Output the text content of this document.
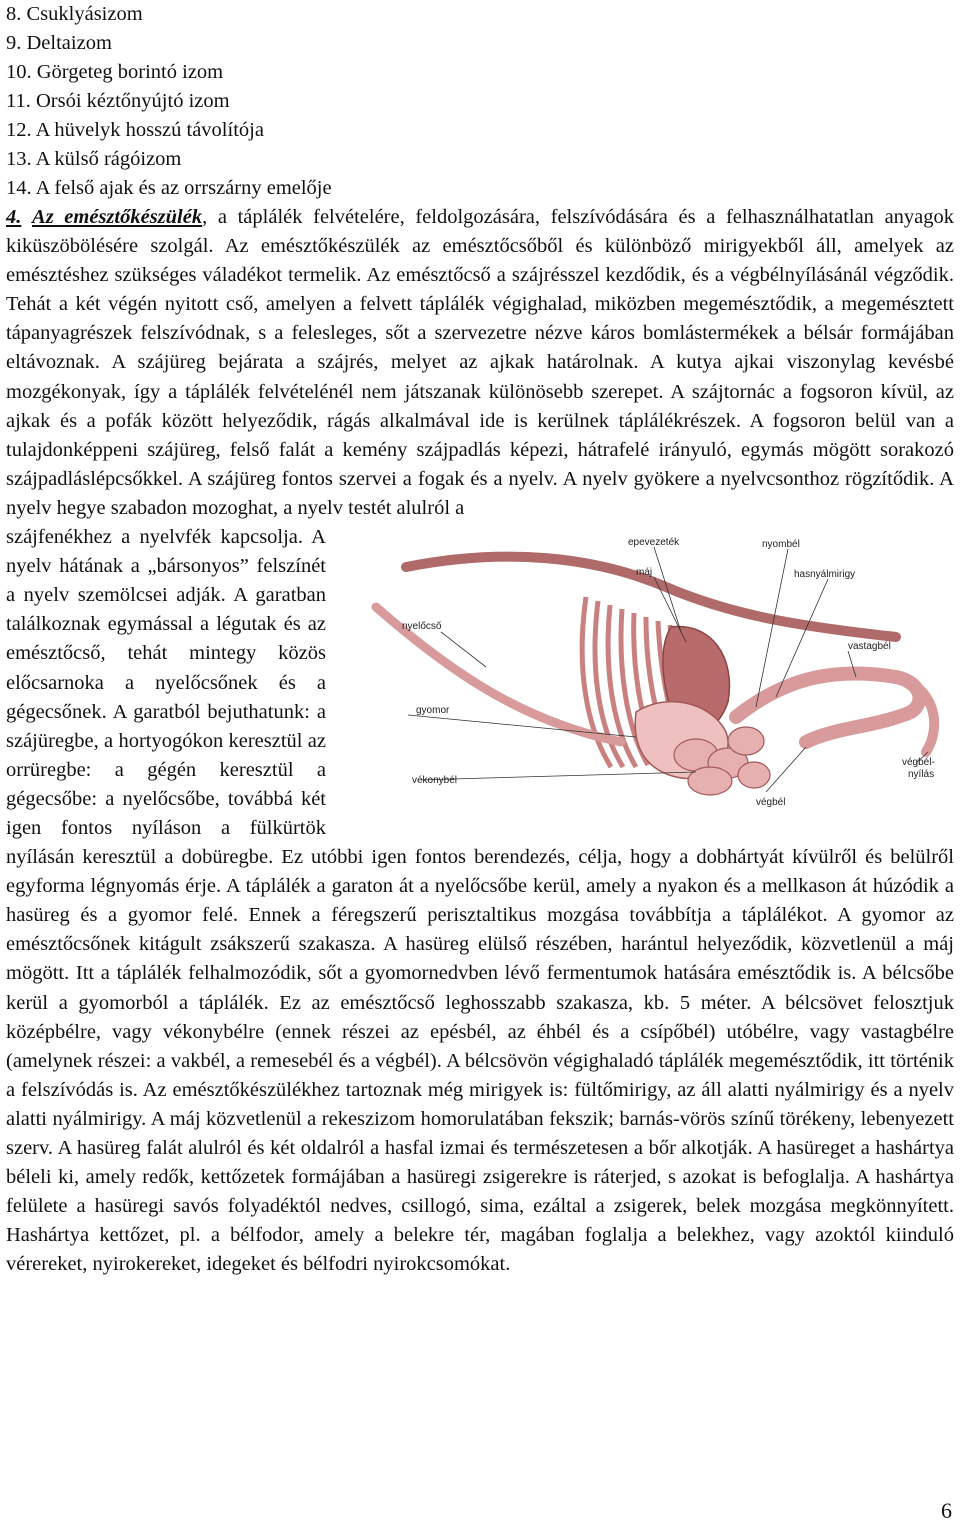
8. Csuklyásizom
9. Deltaizom
10. Görgeteg borintó izom
11. Orsói kéztőnyújtó izom
12. A hüvelyk hosszú távolítója
13. A külső rágóizom
14. A felső ajak és az orrszárny emelője

4. Az emésztőkészülék, a táplálék felvételére, feldolgozására, felszívódására és a felhasználhatatlan anyagok kiküszöbölésére szolgál. Az emésztőkészülék az emésztőcsőből és különböző mirigyekből áll, amelyek az emésztéshez szükséges váladékot termelik. Az emésztőcső a szájrésszel kezdődik, és a végbélnyílásánál végződik. Tehát a két végén nyitott cső, amelyen a felvett táplálék végighalad, miközben megemésztődik, a megemésztett tápanyagrészek felszívódnak, s a felesleges, sőt a szervezetre nézve káros bomlástermékek a bélsár formájában eltávoznak. A szájüreg bejárata a szájrés, melyet az ajkak határolnak. A kutya ajkai viszonylag kevésbé mozgékonyak, így a táplálék felvételénél nem játszanak különösebb szerepet. A szájtornác a fogsoron kívül, az ajkak és a pofák között helyeződik, rágás alkalmával ide is kerülnek táplálékrészek. A fogsoron belül van a tulajdonképpeni szájüreg, felső falát a kemény szájpadlás képezi, hátrafelé irányuló, egymás mögött sorakozó szájpadláslépcsőkkel. A szájüreg fontos szervei a fogak és a nyelv. A nyelv gyökere a nyelvcsonthoz rögzítődik. A nyelv hegye szabadon mozoghat, a nyelv testét alulról a

epevezeték
máj
nyombél
hasnyálmirigy
nyelőcső
vastagbél
gyomor
végbél- nyílás
vékonybél
végbél

szájfenékhez a nyelvfék kapcsolja. A nyelv hátának a „bársonyos” felszínét a nyelv szemölcsei adják. A garatban találkoznak egymással a légutak és az emésztőcső, tehát mintegy közös előcsarnoka a nyelőcsőnek és a gégecsőnek. A garatból bejuthatunk: a szájüregbe, a hortyogókon keresztül az orrüregbe: a gégén keresztül a gégecsőbe: a nyelőcsőbe, továbbá két igen fontos nyíláson a fülkürtök nyílásán keresztül a dobüregbe. Ez utóbbi igen fontos berendezés, célja, hogy a dobhártyát kívülről és belülről egyforma légnyomás érje. A táplálék a garaton át a nyelőcsőbe kerül, amely a nyakon és a mellkason át húzódik a hasüreg és a gyomor felé. Ennek a féregszerű perisztaltikus mozgása továbbítja a táplálékot. A gyomor az emésztőcsőnek kitágult zsákszerű szakasza. A hasüreg elülső részében, harántul helyeződik, közvetlenül a máj mögött. Itt a táplálék felhalmozódik, sőt a gyomornedvben lévő fermentumok hatására emésztődik is. A bélcsőbe kerül a gyomorból a táplálék. Ez az emésztőcső leghosszabb szakasza, kb. 5 méter. A bélcsövet felosztjuk középbélre, vagy vékonybélre (ennek részei az epésbél, az éhbél és a csípőbél) utóbélre, vagy vastagbélre (amelynek részei: a vakbél, a remesebél és a végbél). A bélcsövön végighaladó táplálék megemésztődik, itt történik a felszívódás is. Az emésztőkészülékhez tartoznak még mirigyek is: fültőmirigy, az áll alatti nyálmirigy és a nyelv alatti nyálmirigy. A máj közvetlenül a rekeszizom homorulatában fekszik; barnás-vörös színű törékeny, lebenyezett szerv. A hasüreg falát alulról és két oldalról a hasfal izmai és természetesen a bőr alkotják. A hasüreget a hashártya béleli ki, amely redők, kettőzetek formájában a hasüregi zsigerekre is ráterjed, s azokat is befoglalja. A hashártya felülete a hasüregi savós folyadéktól nedves, csillogó, sima, ezáltal a zsigerek, belek mozgása megkönnyített. Hashártya kettőzet, pl. a bélfodor, amely a belekre tér, magában foglalja a belekhez, vagy azoktól kiinduló vérereket, nyirokereket, idegeket és bélfodri nyirokcsomókat.

6
